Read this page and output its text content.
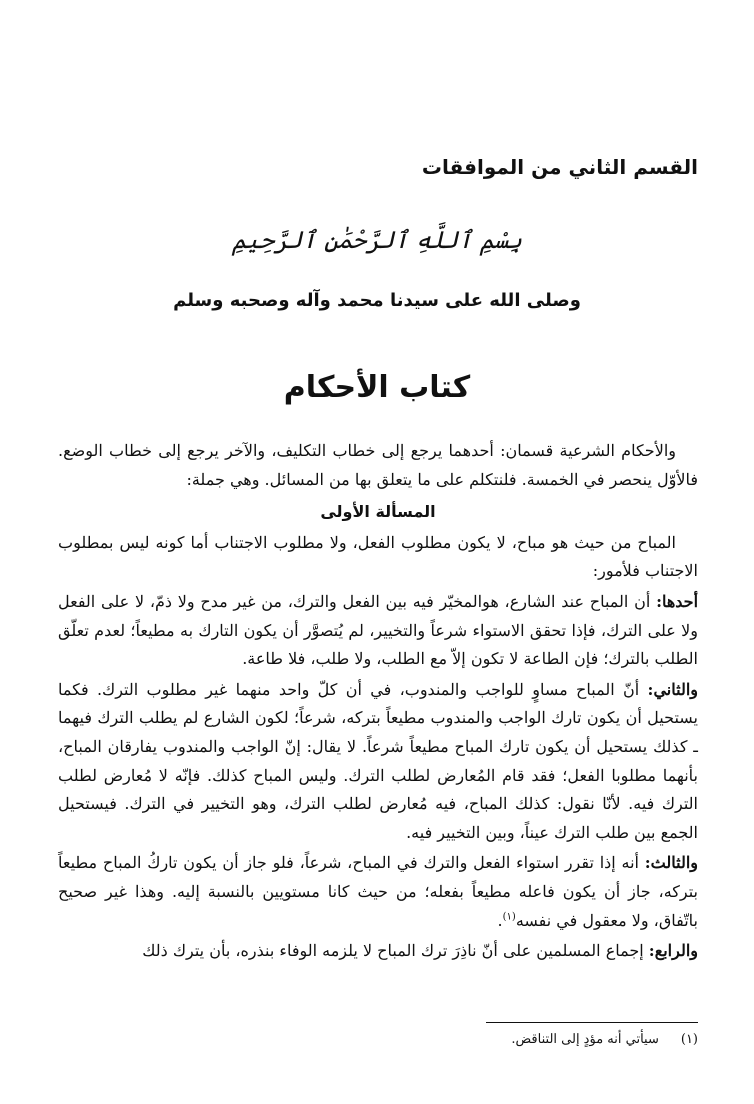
القسم الثاني من الموافقات
بِسْمِ ٱللَّهِ ٱلرَّحْمَٰنِ ٱلرَّحِيمِ
وصلى الله على سيدنا محمد وآله وصحبه وسلم
كتاب الأحكام

والأحكام الشرعية قسمان: أحدهما يرجع إلى خطاب التكليف، والآخر يرجع إلى خطاب الوضع. فالأوّل ينحصر في الخمسة. فلنتكلم على ما يتعلق بها من المسائل. وهي جملة:

المسألة الأولى

المباح من حيث هو مباح، لا يكون مطلوب الفعل، ولا مطلوب الاجتناب أما كونه ليس بمطلوب الاجتناب فلأمور:

أحدها: أن المباح عند الشارع، هوالمخيّر فيه بين الفعل والترك، من غير مدح ولا ذمّ، لا على الفعل ولا على الترك، فإذا تحقق الاستواء شرعاً والتخيير، لم يُتصوَّر أن يكون التارك به مطيعاً؛ لعدم تعلّق الطلب بالترك؛ فإن الطاعة لا تكون إلاّ مع الطلب، ولا طلب، فلا طاعة.

والثاني: أنّ المباح مساوٍ للواجب والمندوب، في أن كلّ واحد منهما غير مطلوب الترك. فكما يستحيل أن يكون تارك الواجب والمندوب مطيعاً بتركه، شرعاً؛ لكون الشارع لم يطلب الترك فيهما ـ كذلك يستحيل أن يكون تارك المباح مطيعاً شرعاً. لا يقال: إنّ الواجب والمندوب يفارقان المباح، بأنهما مطلوبا الفعل؛ فقد قام المُعارض لطلب الترك. وليس المباح كذلك. فإنّه لا مُعارض لطلب الترك فيه. لأنّا نقول: كذلك المباح، فيه مُعارض لطلب الترك، وهو التخيير في الترك. فيستحيل الجمع بين طلب الترك عيناً، وبين التخيير فيه.

والثالث: أنه إذا تقرر استواء الفعل والترك في المباح، شرعاً، فلو جاز أن يكون تاركُ المباح مطيعاً بتركه، جاز أن يكون فاعله مطيعاً بفعله؛ من حيث كانا مستويين بالنسبة إليه. وهذا غير صحيح باتّفاق، ولا معقول في نفسه$^{(١)}$.

والرابع: إجماع المسلمين على أنّ ناذِرَ ترك المباح لا يلزمه الوفاء بنذره، بأن يترك ذلك

(١)سيأتي أنه مؤدٍ إلى التناقض.
